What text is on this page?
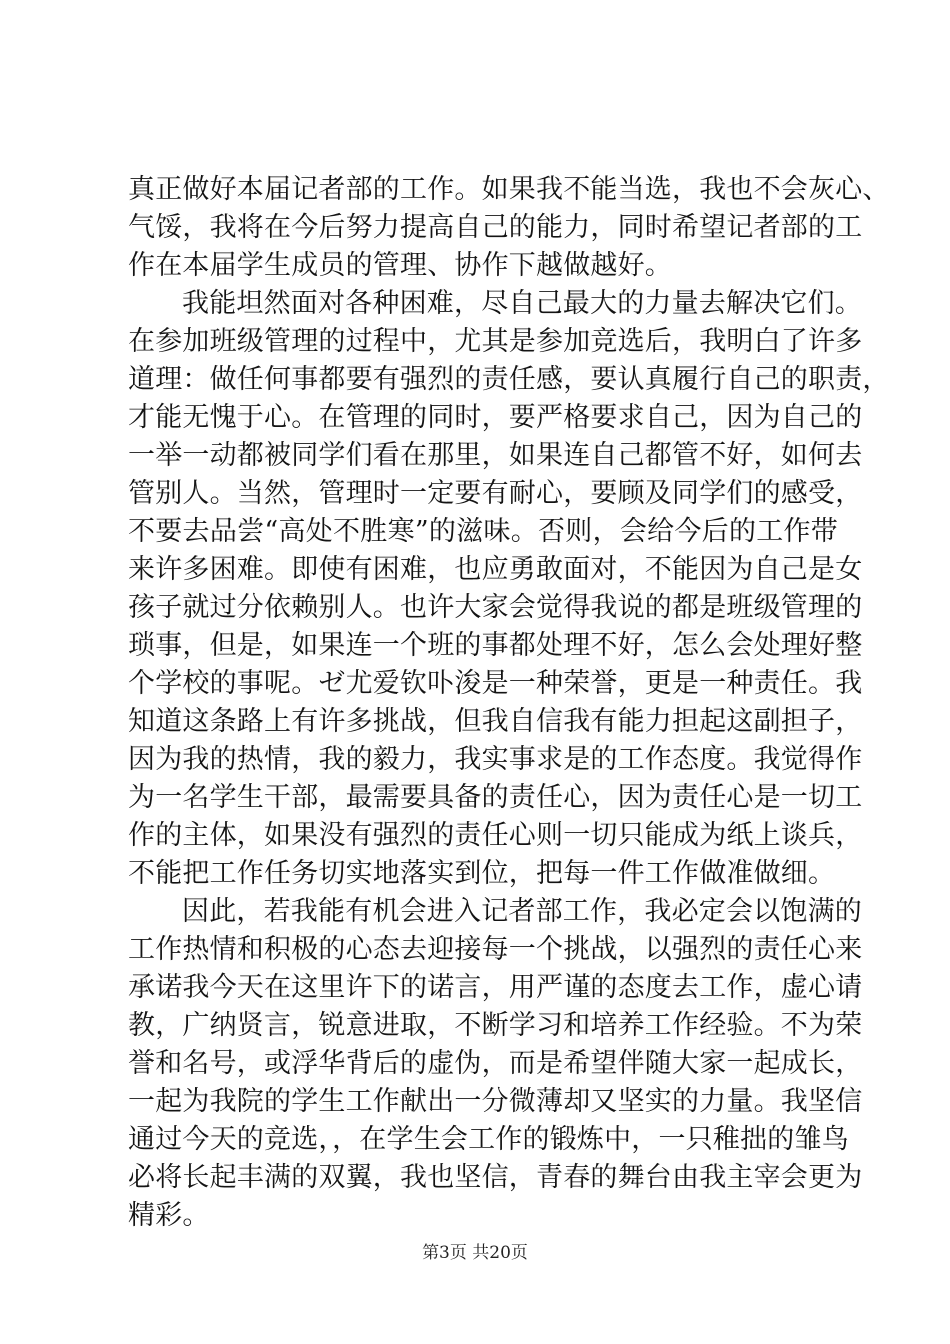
真正做好本届记者部的工作。如果我不能当选，我也不会灰心、
气馁，我将在今后努力提高自己的能力，同时希望记者部的工
作在本届学生成员的管理、协作下越做越好。
我能坦然面对各种困难，尽自己最大的力量去解决它们。
在参加班级管理的过程中，尤其是参加竞选后，我明白了许多
道理：做任何事都要有强烈的责任感，要认真履行自己的职责，
才能无愧于心。在管理的同时，要严格要求自己，因为自己的
一举一动都被同学们看在那里，如果连自己都管不好，如何去
管别人。当然，管理时一定要有耐心，要顾及同学们的感受，
不要去品尝“高处不胜寒”的滋味。否则，会给今后的工作带
来许多困难。即使有困难，也应勇敢面对，不能因为自己是女
孩子就过分依赖别人。也许大家会觉得我说的都是班级管理的
琐事，但是，如果连一个班的事都处理不好，怎么会处理好整
个学校的事呢。ゼ尤爱钦卟浚是一种荣誉，更是一种责任。我
知道这条路上有许多挑战，但我自信我有能力担起这副担子，
因为我的热情，我的毅力，我实事求是的工作态度。我觉得作
为一名学生干部，最需要具备的责任心，因为责任心是一切工
作的主体，如果没有强烈的责任心则一切只能成为纸上谈兵，
不能把工作任务切实地落实到位，把每一件工作做准做细。
因此，若我能有机会进入记者部工作，我必定会以饱满的
工作热情和积极的心态去迎接每一个挑战，以强烈的责任心来
承诺我今天在这里许下的诺言，用严谨的态度去工作，虚心请
教，广纳贤言，锐意进取，不断学习和培养工作经验。不为荣
誉和名号，或浮华背后的虚伪，而是希望伴随大家一起成长，
一起为我院的学生工作献出一分微薄却又坚实的力量。我坚信
通过今天的竞选，，在学生会工作的锻炼中，一只稚拙的雏鸟
必将长起丰满的双翼，我也坚信，青春的舞台由我主宰会更为
精彩。
第3页 共20页
